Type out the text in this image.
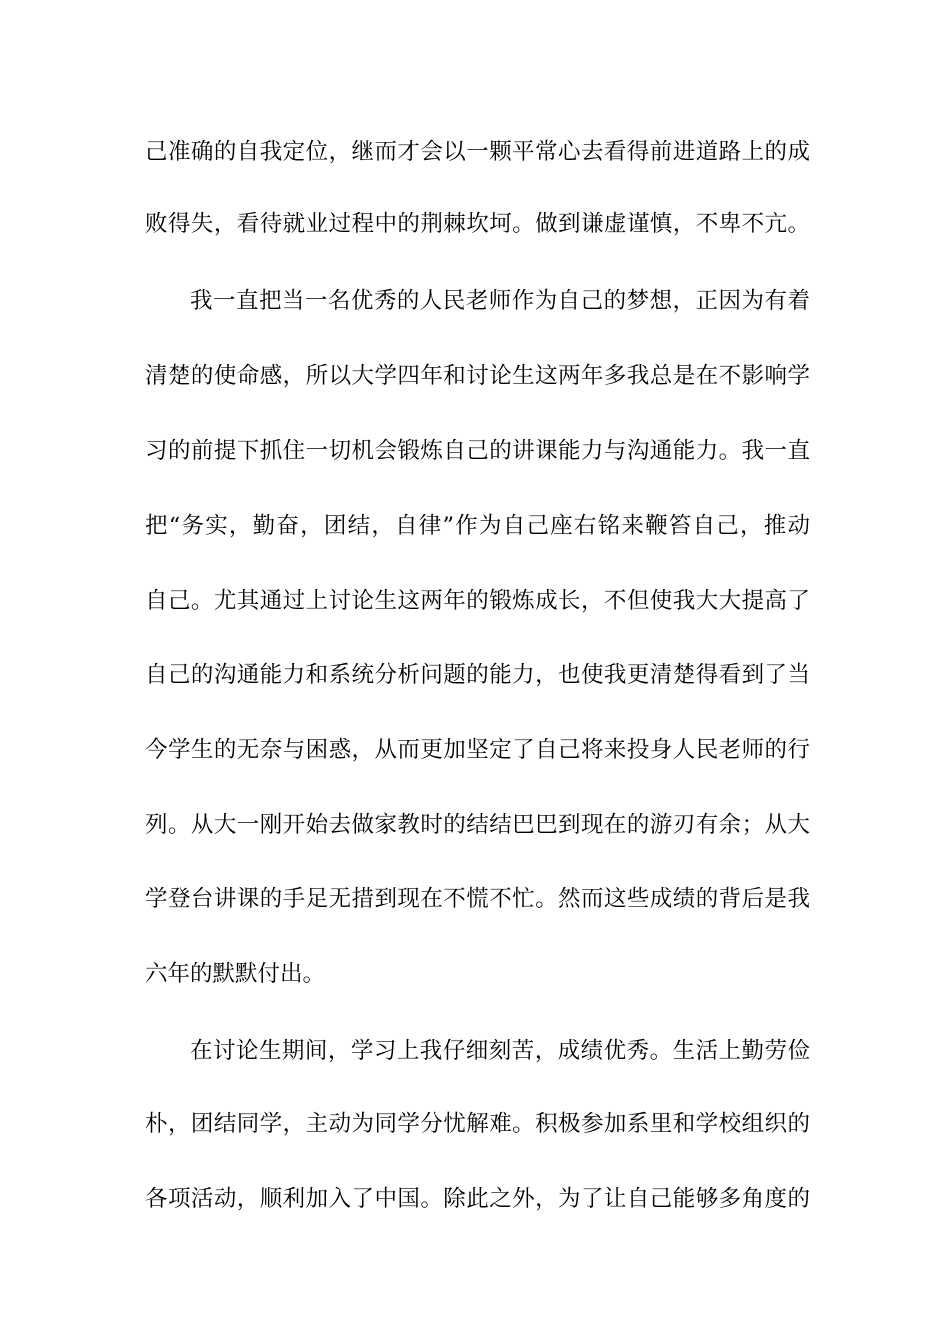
己准确的自我定位，继而才会以一颗平常心去看得前进道路上的成
败得失，看待就业过程中的荆棘坎坷。做到谦虚谨慎，不卑不亢。
我一直把当一名优秀的人民老师作为自己的梦想，正因为有着
清楚的使命感，所以大学四年和讨论生这两年多我总是在不影响学
习的前提下抓住一切机会锻炼自己的讲课能力与沟通能力。我一直
把“务实，勤奋，团结，自律”作为自己座右铭来鞭笞自己，推动
自己。尤其通过上讨论生这两年的锻炼成长，不但使我大大提高了
自己的沟通能力和系统分析问题的能力，也使我更清楚得看到了当
今学生的无奈与困惑，从而更加坚定了自己将来投身人民老师的行
列。从大一刚开始去做家教时的结结巴巴到现在的游刃有余；从大
学登台讲课的手足无措到现在不慌不忙。然而这些成绩的背后是我
六年的默默付出。
在讨论生期间，学习上我仔细刻苦，成绩优秀。生活上勤劳俭
朴，团结同学，主动为同学分忧解难。积极参加系里和学校组织的
各项活动，顺利加入了中国。除此之外，为了让自己能够多角度的
